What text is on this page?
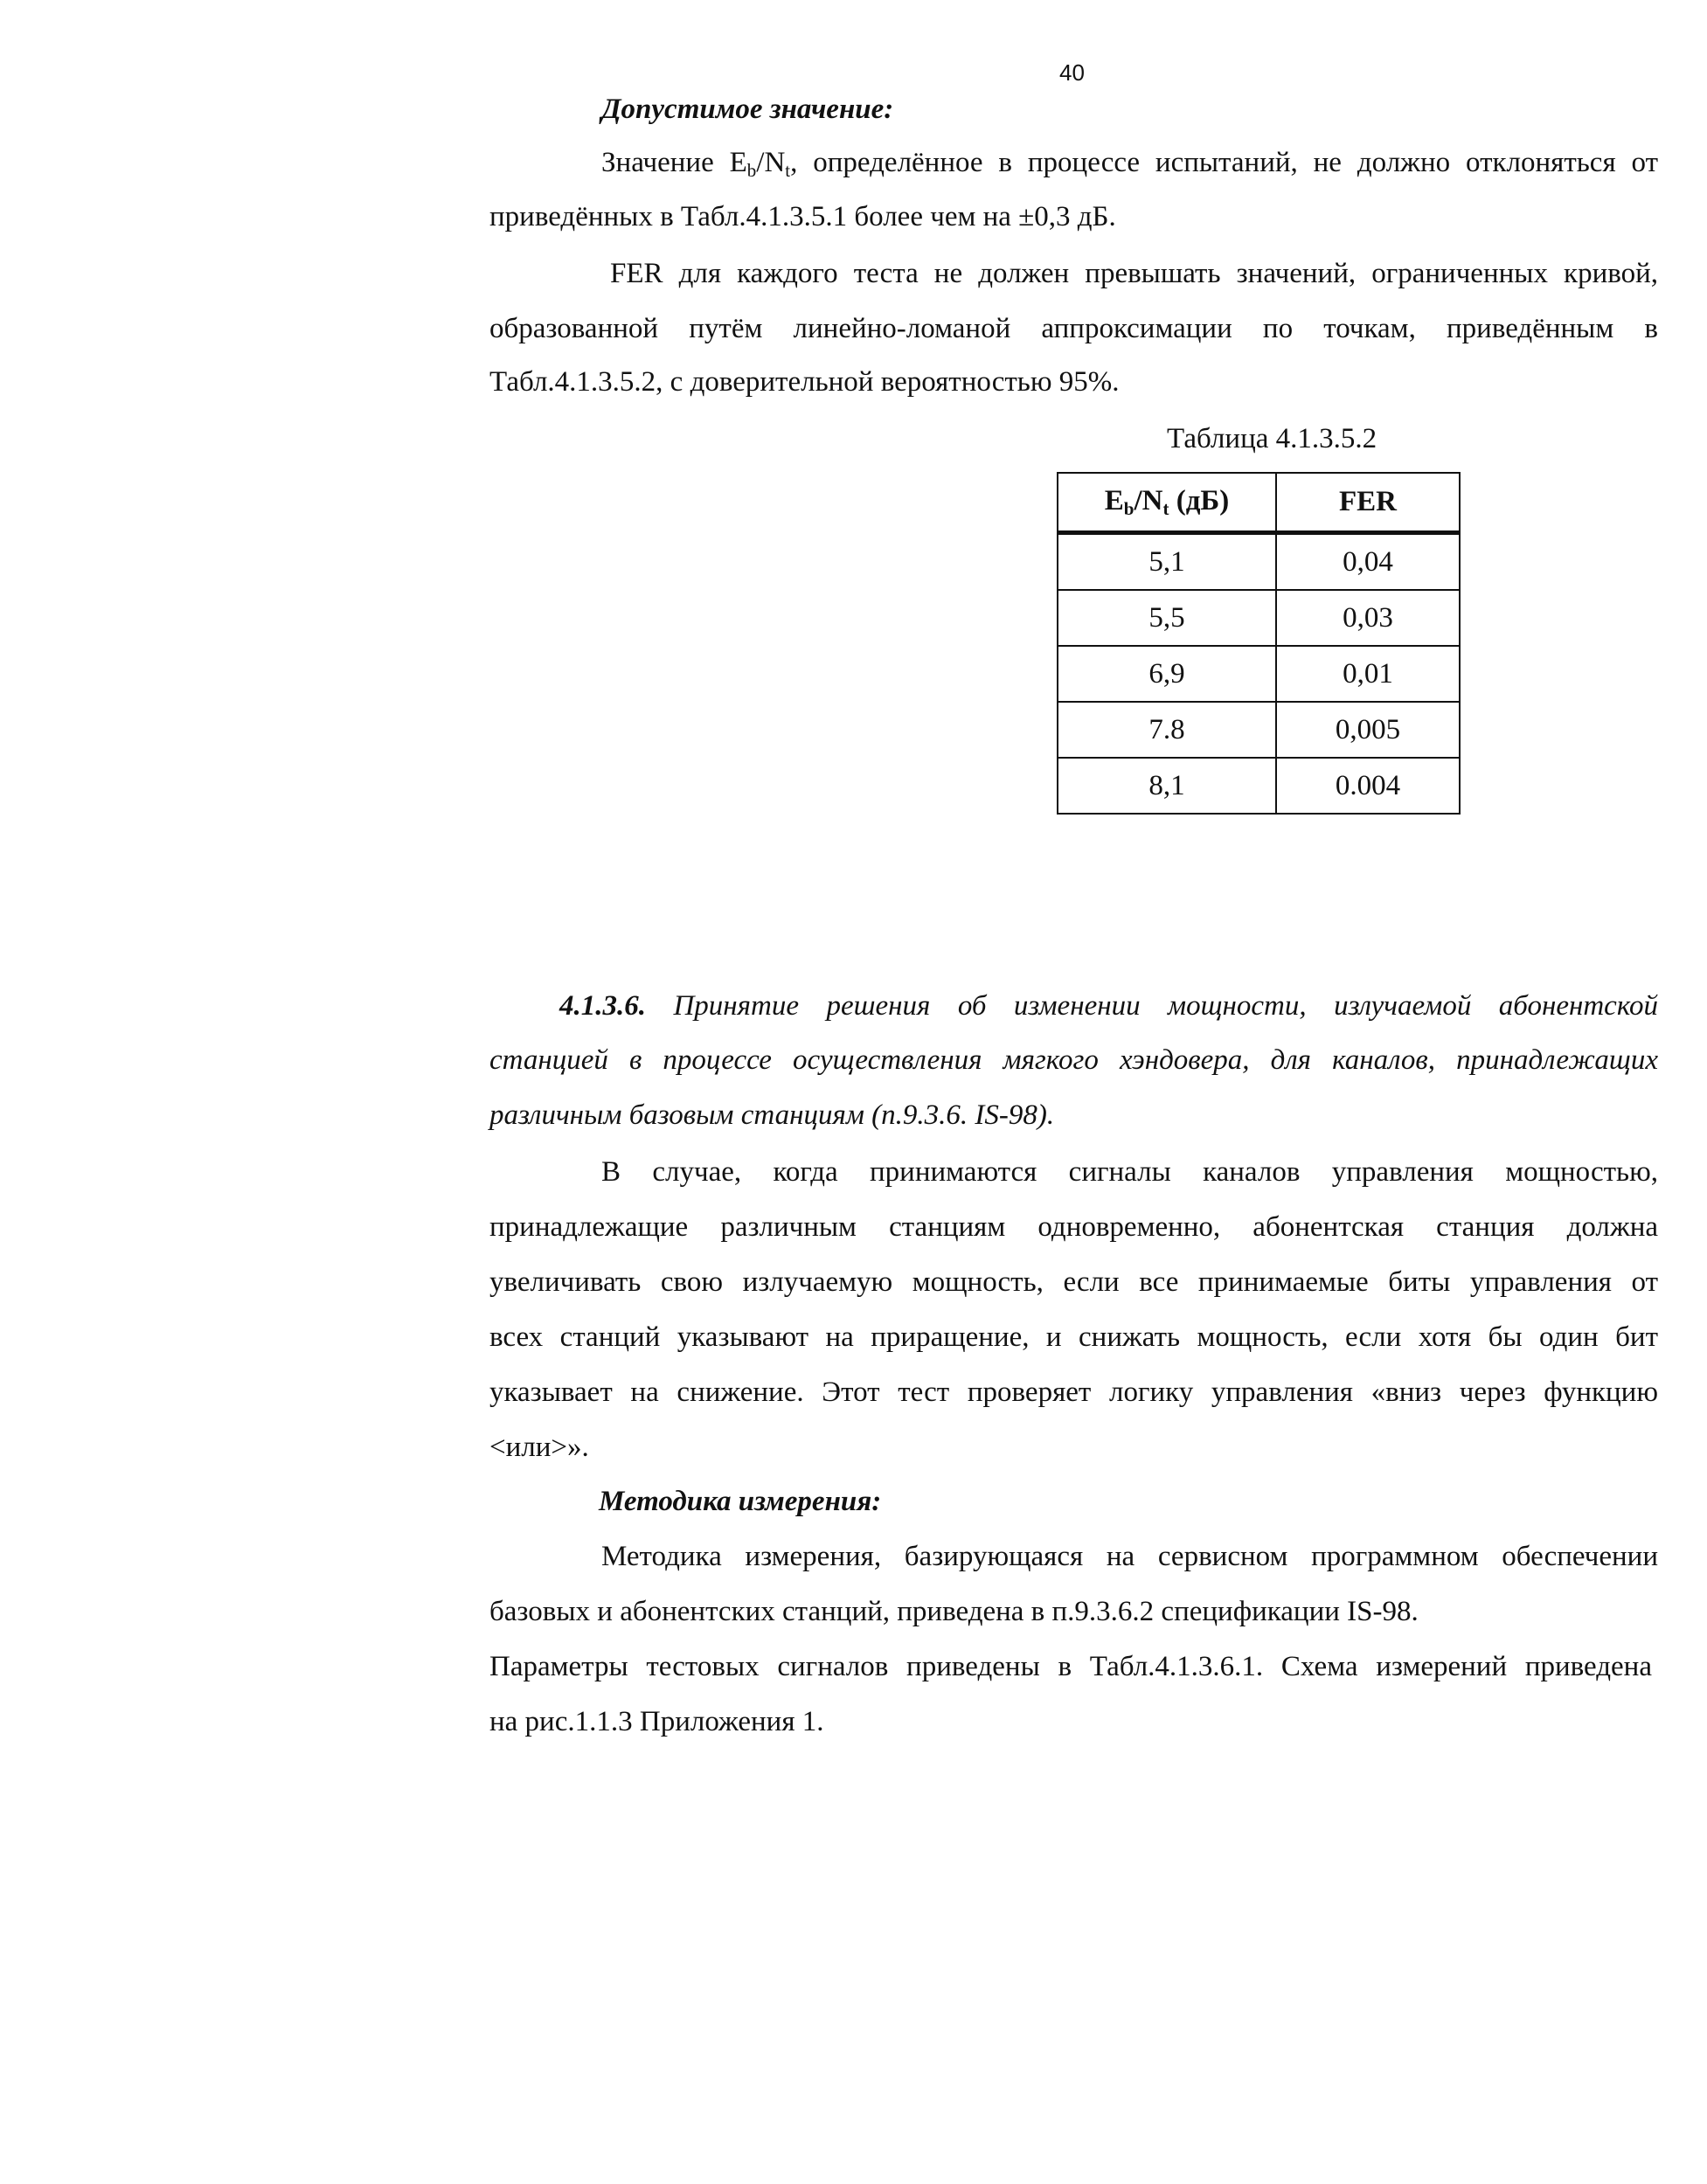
40
Допустимое значение:
Значение $E_b/N_t$, определённое в процессе испытаний, не должно отклоняться от
приведённых в Табл.4.1.3.5.1 более чем на ±0,3 дБ.
FER для каждого теста не должен превышать значений, ограниченных кривой,
образованной путём линейно-ломаной аппроксимации по точкам, приведённым в
Табл.4.1.3.5.2, с доверительной вероятностью 95%.
Таблица 4.1.3.5.2
$E_b/N_t$ (дБ)	FER
5,1	0,04
5,5	0,03
6,9	0,01
7.8	0,005
8,1	0.004
4.1.3.6. Принятие решения об изменении мощности, излучаемой абонентской
станцией в процессе осуществления мягкого хэндовера, для каналов, принадлежащих
различным базовым станциям (п.9.3.6. IS-98).
В случае, когда принимаются сигналы каналов управления мощностью,
принадлежащие различным станциям одновременно, абонентская станция должна
увеличивать свою излучаемую мощность, если все принимаемые биты управления от
всех станций указывают на приращение, и снижать мощность, если хотя бы один бит
указывает на снижение. Этот тест проверяет логику управления «вниз через функцию
<или>».
Методика измерения:
Методика измерения, базирующаяся на сервисном программном обеспечении
базовых и абонентских станций, приведена в п.9.3.6.2 спецификации IS-98.
Параметры тестовых сигналов приведены в Табл.4.1.3.6.1. Схема измерений приведена
на рис.1.1.3 Приложения 1.
